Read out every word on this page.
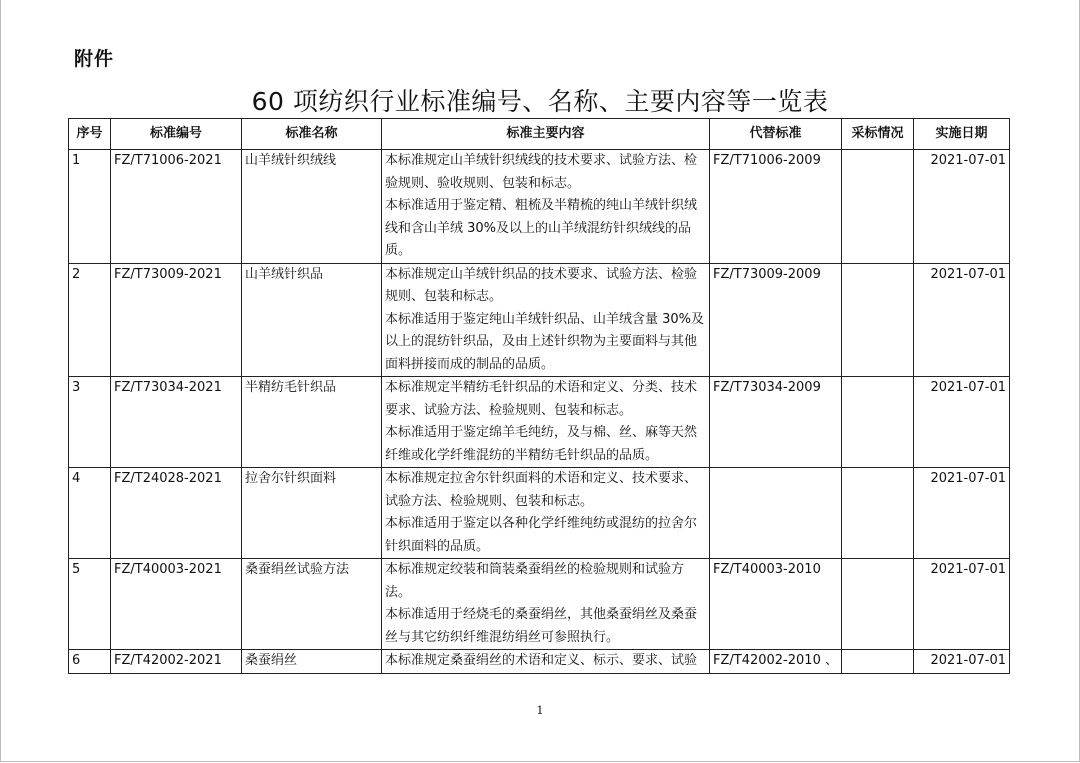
附件
60 项纺织行业标准编号、名称、主要内容等一览表
序号	标准编号	标准名称	标准主要内容	代替标准	采标情况	实施日期
1	FZ/T71006-2021	山羊绒针织绒线	本标准规定山羊绒针织绒线的技术要求、试验方法、检验规则、验收规则、包装和标志。

本标准适用于鉴定精、粗梳及半精梳的纯山羊绒针织绒线和含山羊绒 30%及以上的山羊绒混纺针织绒线的品质。	FZ/T71006-2009		2021-07-01
2	FZ/T73009-2021	山羊绒针织品	本标准规定山羊绒针织品的技术要求、试验方法、检验规则、包装和标志。

本标准适用于鉴定纯山羊绒针织品、山羊绒含量 30%及以上的混纺针织品，及由上述针织物为主要面料与其他面料拼接而成的制品的品质。	FZ/T73009-2009		2021-07-01
3	FZ/T73034-2021	半精纺毛针织品	本标准规定半精纺毛针织品的术语和定义、分类、技术要求、试验方法、检验规则、包装和标志。

本标准适用于鉴定绵羊毛纯纺，及与棉、丝、麻等天然纤维或化学纤维混纺的半精纺毛针织品的品质。	FZ/T73034-2009		2021-07-01
4	FZ/T24028-2021	拉舍尔针织面料	本标准规定拉舍尔针织面料的术语和定义、技术要求、试验方法、检验规则、包装和标志。

本标准适用于鉴定以各种化学纤维纯纺或混纺的拉舍尔针织面料的品质。			2021-07-01
5	FZ/T40003-2021	桑蚕绢丝试验方法	本标准规定绞装和筒装桑蚕绢丝的检验规则和试验方法。

本标准适用于经烧毛的桑蚕绢丝，其他桑蚕绢丝及桑蚕丝与其它纺织纤维混纺绢丝可参照执行。	FZ/T40003-2010		2021-07-01
6	FZ/T42002-2021	桑蚕绢丝	本标准规定桑蚕绢丝的术语和定义、标示、要求、试验	FZ/T42002-2010 、		2021-07-01
1
